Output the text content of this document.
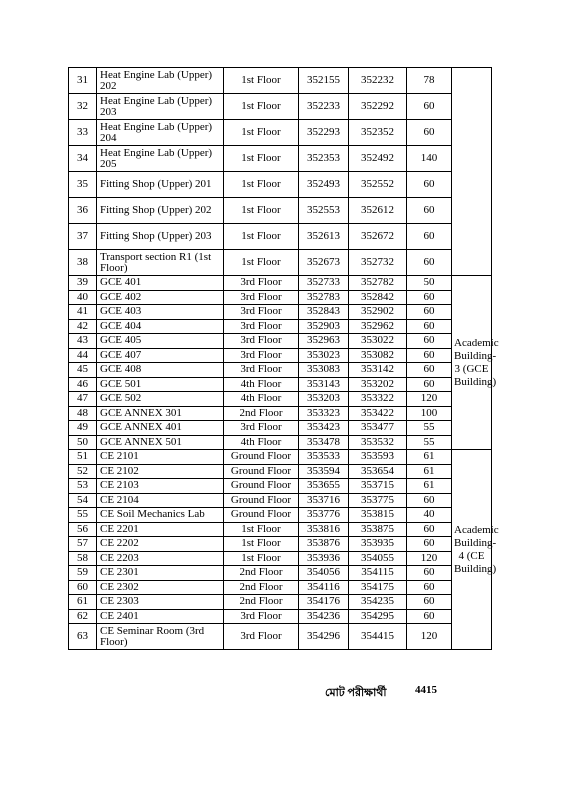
31	Heat Engine Lab (Upper) 202	1st Floor	352155	352232	78	
32	Heat Engine Lab (Upper) 203	1st Floor	352233	352292	60	
33	Heat Engine Lab (Upper) 204	1st Floor	352293	352352	60	
34	Heat Engine Lab (Upper) 205	1st Floor	352353	352492	140	
35	Fitting Shop (Upper) 201	1st Floor	352493	352552	60	
36	Fitting Shop (Upper) 202	1st Floor	352553	352612	60	
37	Fitting Shop (Upper) 203	1st Floor	352613	352672	60	
38	Transport section R1 (1st Floor)	1st Floor	352673	352732	60	
39	GCE 401	3rd Floor	352733	352782	50	Academic Building-3 (GCE Building)
40	GCE 402	3rd Floor	352783	352842	60	
41	GCE 403	3rd Floor	352843	352902	60	
42	GCE 404	3rd Floor	352903	352962	60	
43	GCE 405	3rd Floor	352963	353022	60	
44	GCE 407	3rd Floor	353023	353082	60	
45	GCE 408	3rd Floor	353083	353142	60	
46	GCE 501	4th Floor	353143	353202	60	
47	GCE 502	4th Floor	353203	353322	120	
48	GCE ANNEX 301	2nd Floor	353323	353422	100	
49	GCE ANNEX 401	3rd Floor	353423	353477	55	
50	GCE ANNEX 501	4th Floor	353478	353532	55	
51	CE 2101	Ground Floor	353533	353593	61	Academic Building-4 (CE Building)
52	CE 2102	Ground Floor	353594	353654	61	
53	CE 2103	Ground Floor	353655	353715	61	
54	CE 2104	Ground Floor	353716	353775	60	
55	CE Soil Mechanics Lab	Ground Floor	353776	353815	40	
56	CE 2201	1st Floor	353816	353875	60	
57	CE 2202	1st Floor	353876	353935	60	
58	CE 2203	1st Floor	353936	354055	120	
59	CE 2301	2nd Floor	354056	354115	60	
60	CE 2302	2nd Floor	354116	354175	60	
61	CE 2303	2nd Floor	354176	354235	60	
62	CE 2401	3rd Floor	354236	354295	60	
63	CE Seminar Room (3rd Floor)	3rd Floor	354296	354415	120	
মোট পরীক্ষার্থী	4415
